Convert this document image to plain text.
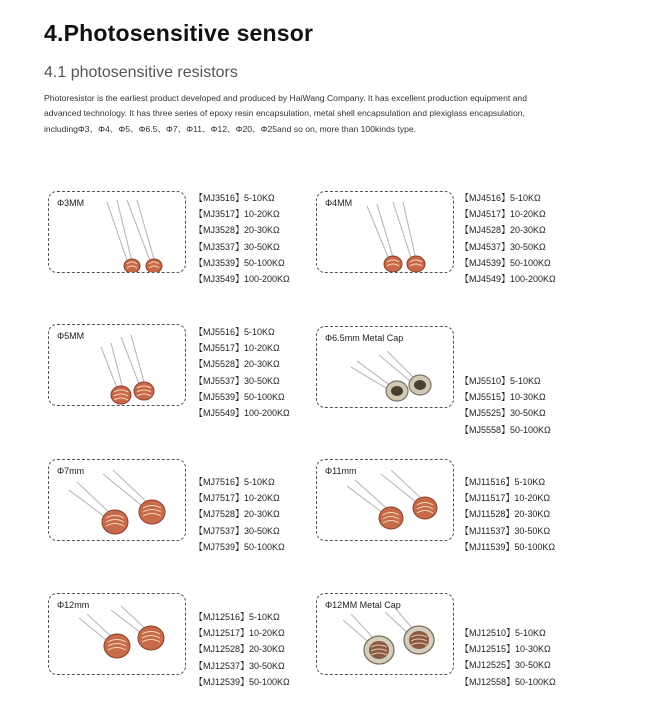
4.Photosensitive sensor
4.1 photosensitive resistors
Photoresistor is the earliest product developed and produced by HaiWang Company. It has excellent production equipment and advanced technology. It has three series of epoxy resin encapsulation, metal shell encapsulation and plexiglass encapsulation, includingΦ3、Φ4、Φ5、Φ6.5、Φ7、Φ11、Φ12、Φ20、Φ25and so on, more than 100kinds type.
Φ3MM	【MJ3516】5-10KΩ
【MJ3517】10-20KΩ
【MJ3528】20-30KΩ
【MJ3537】30-50KΩ
【MJ3539】50-100KΩ
【MJ3549】100-200KΩ
Φ4MM	【MJ4516】5-10KΩ
【MJ4517】10-20KΩ
【MJ4528】20-30KΩ
【MJ4537】30-50KΩ
【MJ4539】50-100KΩ
【MJ4549】100-200KΩ
Φ5MM	【MJ5516】5-10KΩ
【MJ5517】10-20KΩ
【MJ5528】20-30KΩ
【MJ5537】30-50KΩ
【MJ5539】50-100KΩ
【MJ5549】100-200KΩ
Φ6.5mm Metal Cap
【MJ5510】5-10KΩ
【MJ5515】10-30KΩ
【MJ5525】30-50KΩ
【MJ5558】50-100KΩ
Φ7mm
【MJ7516】5-10KΩ
【MJ7517】10-20KΩ
【MJ7528】20-30KΩ
【MJ7537】30-50KΩ
【MJ7539】50-100KΩ
Φ11mm
【MJ11516】5-10KΩ
【MJ11517】10-20KΩ
【MJ11528】20-30KΩ
【MJ11537】30-50KΩ
【MJ11539】50-100KΩ
Φ12mm
【MJ12516】5-10KΩ
【MJ12517】10-20KΩ
【MJ12528】20-30KΩ
【MJ12537】30-50KΩ
【MJ12539】50-100KΩ
Φ12MM Metal Cap
【MJ12510】5-10KΩ
【MJ12515】10-30KΩ
【MJ12525】30-50KΩ
【MJ12558】50-100KΩ
